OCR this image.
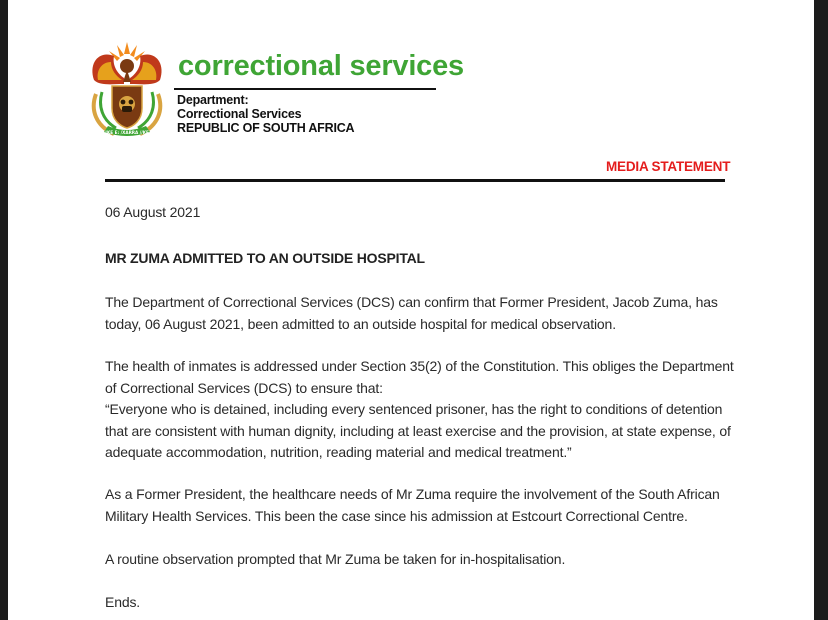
!KE E: /XARRA //KE
correctional services
Department:
Correctional Services
REPUBLIC OF SOUTH AFRICA
MEDIA STATEMENT
06 August 2021
MR ZUMA ADMITTED TO AN OUTSIDE HOSPITAL
The Department of Correctional Services (DCS) can confirm that Former President, Jacob Zuma, has
today, 06 August 2021, been admitted to an outside hospital for medical observation.
The health of inmates is addressed under Section 35(2) of the Constitution. This obliges the Department
of Correctional Services (DCS) to ensure that:
“Everyone who is detained, including every sentenced prisoner, has the right to conditions of detention
that are consistent with human dignity, including at least exercise and the provision, at state expense, of
adequate accommodation, nutrition, reading material and medical treatment.”
As a Former President, the healthcare needs of Mr Zuma require the involvement of the South African
Military Health Services. This been the case since his admission at Estcourt Correctional Centre.
A routine observation prompted that Mr Zuma be taken for in-hospitalisation.
Ends.
